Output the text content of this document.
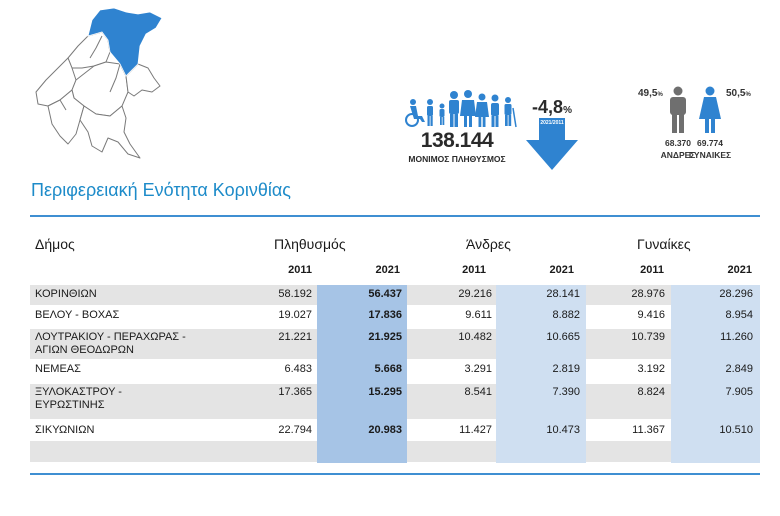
138.144
ΜΟΝΙΜΟΣ ΠΛΗΘΥΣΜΟΣ
-4,8%
2021/2011
49,5%
68.370
ΑΝΔΡΕΣ
50,5%
69.774
ΓΥΝΑΙΚΕΣ
Περιφερειακή Ενότητα Κορινθίας
Δήμος	Πληθυσμός	Άνδρες	Γυναίκες
2011	2021	2011	2021	2011	2021
ΚΟΡΙΝΘΙΩΝ	58.192	56.437	29.216	28.141	28.976	28.296
ΒΕΛΟΥ - ΒΟΧΑΣ	19.027	17.836	9.611	8.882	9.416	8.954
ΛΟΥΤΡΑΚΙΟΥ - ΠΕΡΑΧΩΡΑΣ -
ΑΓΙΩΝ ΘΕΟΔΩΡΩΝ
21.221	21.925	10.482	10.665	10.739	11.260
ΝΕΜΕΑΣ	6.483	5.668	3.291	2.819	3.192	2.849
ΞΥΛΟΚΑΣΤΡΟΥ -
ΕΥΡΩΣΤΙΝΗΣ
17.365	15.295	8.541	7.390	8.824	7.905
ΣΙΚΥΩΝΙΩΝ	22.794	20.983	11.427	10.473	11.367	10.510
